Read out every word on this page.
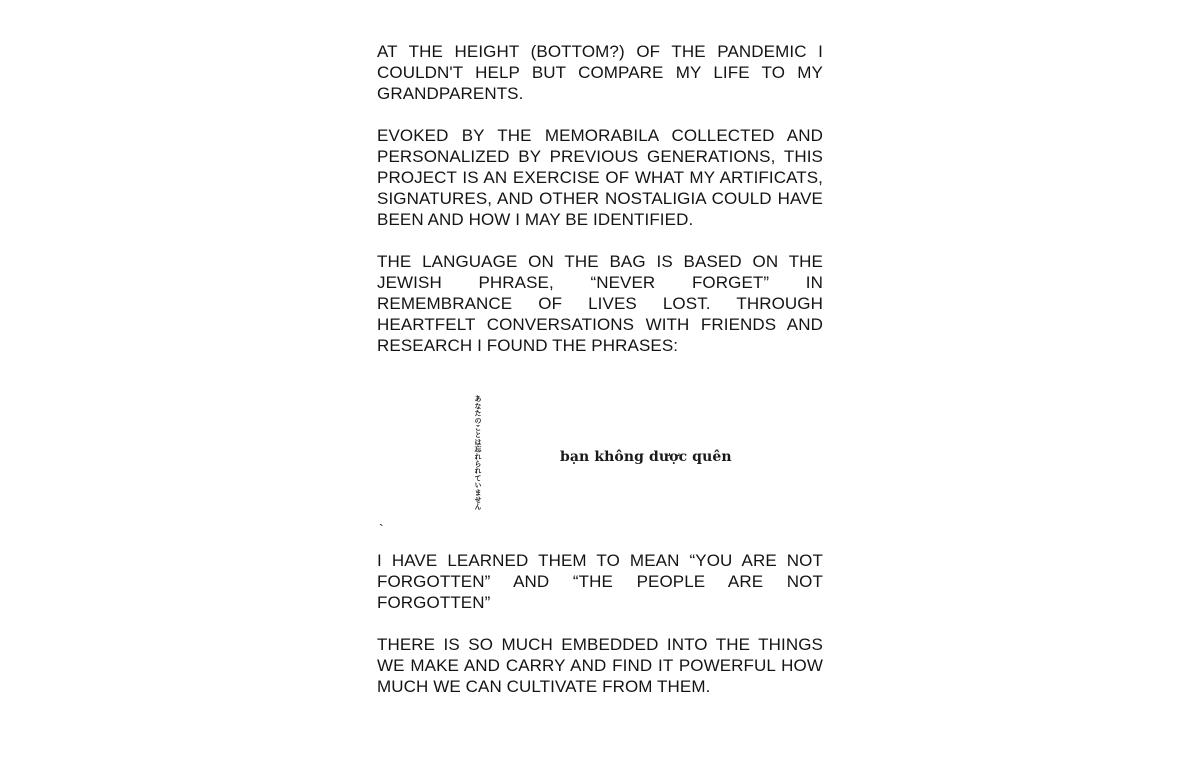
AT THE HEIGHT (BOTTOM?) OF THE PANDEMIC I COULDN'T HELP BUT COMPARE MY LIFE TO MY GRANDPARENTS.

EVOKED BY THE MEMORABILA COLLECTED AND PERSONALIZED BY PREVIOUS GENERATIONS, THIS PROJECT IS AN EXERCISE OF WHAT MY ARTIFICATS, SIGNATURES, AND OTHER NOSTALIGIA COULD HAVE BEEN AND HOW I MAY BE IDENTIFIED.

THE LANGUAGE ON THE BAG IS BASED ON THE JEWISH PHRASE, “NEVER FORGET” IN REMEMBRANCE OF LIVES LOST. THROUGH HEARTFELT CONVERSATIONS WITH FRIENDS AND RESEARCH I FOUND THE PHRASES:

あなたのことは忘れられていません	bạn không dược quên
`

I HAVE LEARNED THEM TO MEAN “YOU ARE NOT FORGOTTEN” AND “THE PEOPLE ARE NOT FORGOTTEN”

THERE IS SO MUCH EMBEDDED INTO THE THINGS WE MAKE AND CARRY AND FIND IT POWERFUL HOW MUCH WE CAN CULTIVATE FROM THEM.
